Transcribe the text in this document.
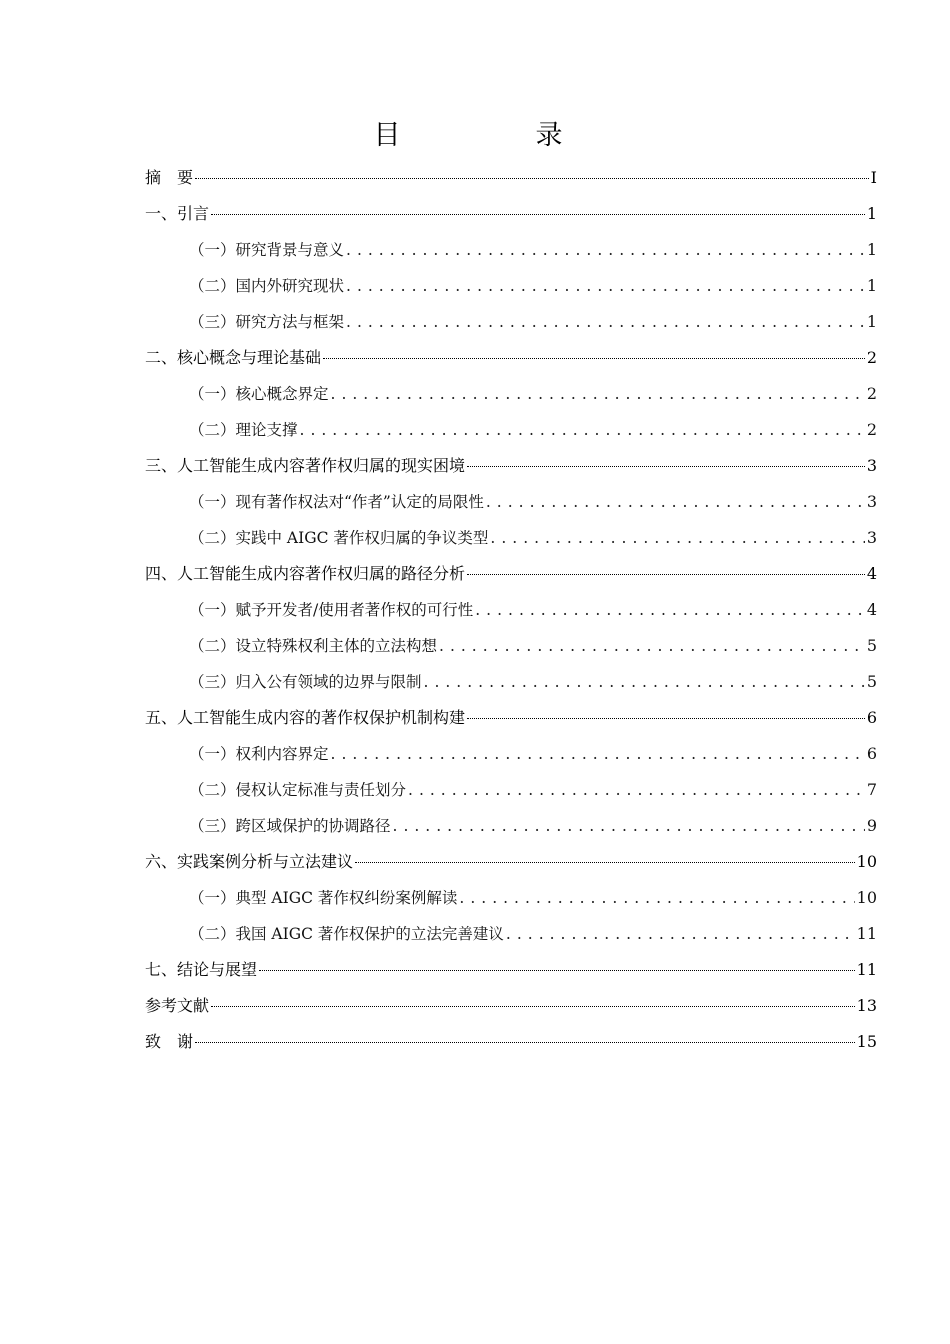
目　录
摘　要	I
一、引言	1
（一）研究背景与意义 .....	1
（二）国内外研究现状 .....	1
（三）研究方法与框架 .....	1
二、核心概念与理论基础	2
（一）核心概念界定 .....	2
（二）理论支撑 .....	2
三、人工智能生成内容著作权归属的现实困境	3
（一）现有著作权法对“作者”认定的局限性 .....	3
（二）实践中 AIGC 著作权归属的争议类型 .....	3
四、人工智能生成内容著作权归属的路径分析	4
（一）赋予开发者/使用者著作权的可行性 .....	4
（二）设立特殊权利主体的立法构想 .....	5
（三）归入公有领域的边界与限制 .....	5
五、人工智能生成内容的著作权保护机制构建	6
（一）权利内容界定 .....	6
（二）侵权认定标准与责任划分 .....	7
（三）跨区域保护的协调路径 .....	9
六、实践案例分析与立法建议	10
（一）典型 AIGC 著作权纠纷案例解读 .....	10
（二）我国 AIGC 著作权保护的立法完善建议 .....	11
七、结论与展望	11
参考文献	13
致　谢	15
